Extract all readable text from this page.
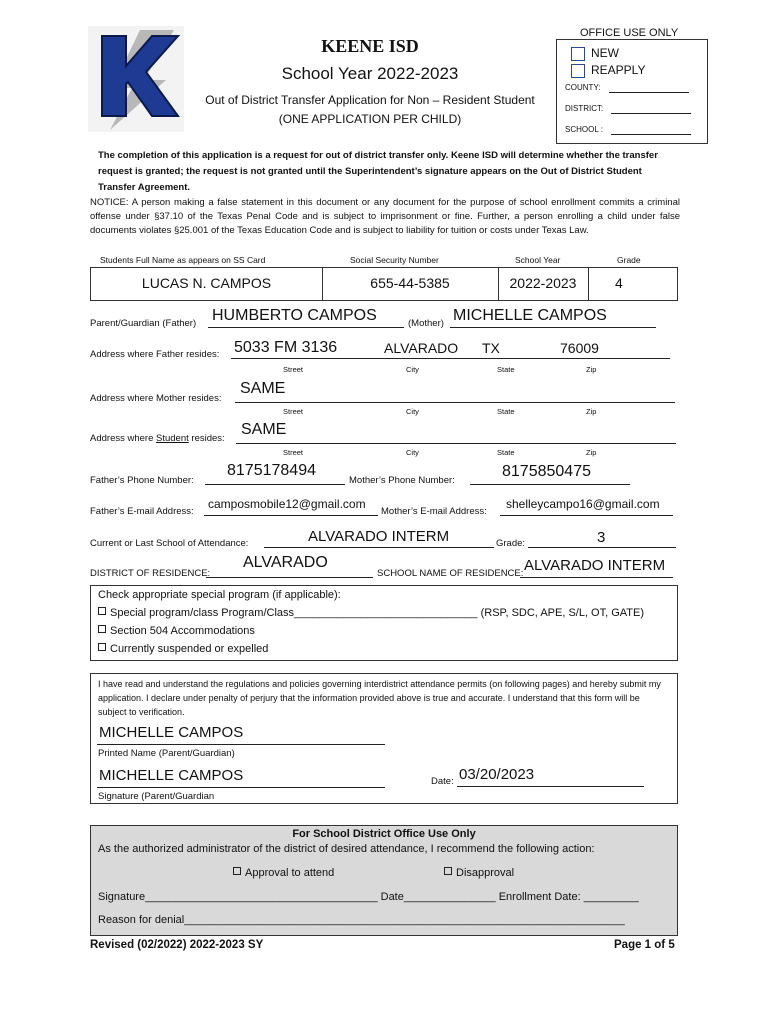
KEENE ISD
School Year 2022-2023
Out of District Transfer Application for Non – Resident Student
(ONE APPLICATION PER CHILD)
OFFICE USE ONLY
NEW
REAPPLY
COUNTY:
DISTRICT:
SCHOOL :
The completion of this application is a request for out of district transfer only. Keene ISD will determine whether the transfer request is granted; the request is not granted until the Superintendent’s signature appears on the Out of District Student Transfer Agreement.
NOTICE: A person making a false statement in this document or any document for the purpose of school enrollment commits a criminal offense under §37.10 of the Texas Penal Code and is subject to imprisonment or fine. Further, a person enrolling a child under false documents violates §25.001 of the Texas Education Code and is subject to liability for tuition or costs under Texas Law.
Students Full Name as appears on SS Card	Social Security Number	School Year	Grade
LUCAS N. CAMPOS	655-44-5385	2022-2023	4
Parent/Guardian (Father) HUMBERTO CAMPOS	(Mother) MICHELLE CAMPOS
Address where Father resides: 5033 FM 3136	ALVARADO TX	76009
Street	City	State	Zip
Address where Mother resides:
SAME
Street	City	State	Zip
Address where Student resides:
SAME
Street	City	State	Zip
Father’s Phone Number:
8175178494
Mother’s Phone Number:
8175850475
Father’s E-mail Address:
camposmobile12@gmail.com
Mother’s E-mail Address:
shelleycampo16@gmail.com
Current or Last School of Attendance:	ALVARADO INTERM	Grade:	3
DISTRICT OF RESIDENCE:
ALVARADO
SCHOOL NAME OF RESIDENCE: ALVARADO INTERM
Check appropriate special program (if applicable):
Special program/class Program/Class______________________________ (RSP, SDC, APE, S/L, OT, GATE)
Section 504 Accommodations
Currently suspended or expelled
I have read and understand the regulations and policies governing interdistrict attendance permits (on following pages) and hereby submit my application. I declare under penalty of perjury that the information provided above is true and accurate. I understand that this form will be subject to verification.
MICHELLE CAMPOS
Printed Name (Parent/Guardian)
MICHELLE CAMPOS
Signature (Parent/Guardian
Date: 03/20/2023
For School District Office Use Only
As the authorized administrator of the district of desired attendance, I recommend the following action:
Approval to attend	Disapproval
Signature______________________________________ Date_______________ Enrollment Date: _________
Reason for denial________________________________________________________________________
Revised (02/2022) 2022-2023 SY	Page 1 of 5
